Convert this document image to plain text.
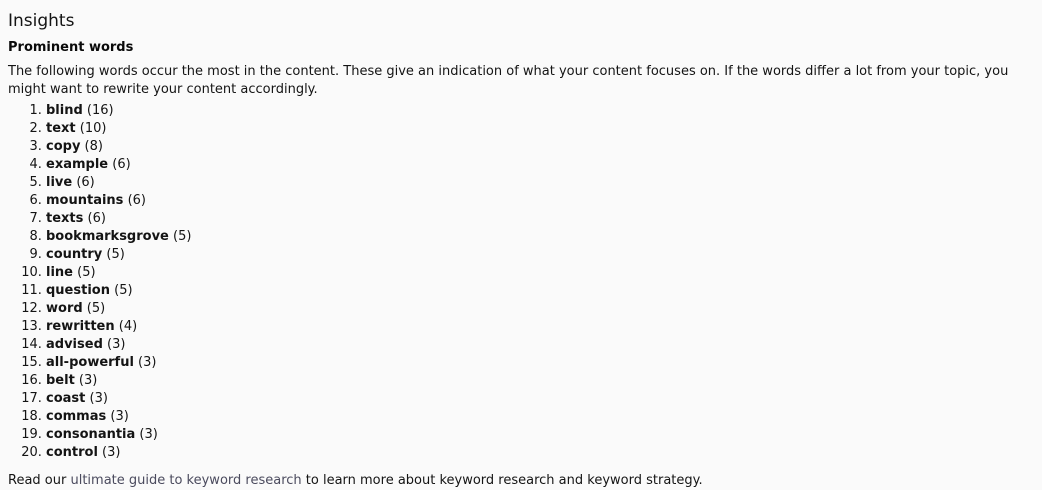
Insights
Prominent words

The following words occur the most in the content. These give an indication of what your content focuses on. If the words differ a lot from your topic, you might want to rewrite your content accordingly.

1. blind (16)
2. text (10)
3. copy (8)
4. example (6)
5. live (6)
6. mountains (6)
7. texts (6)
8. bookmarksgrove (5)
9. country (5)
10. line (5)
11. question (5)
12. word (5)
13. rewritten (4)
14. advised (3)
15. all-powerful (3)
16. belt (3)
17. coast (3)
18. commas (3)
19. consonantia (3)
20. control (3)

Read our ultimate guide to keyword research to learn more about keyword research and keyword strategy.
